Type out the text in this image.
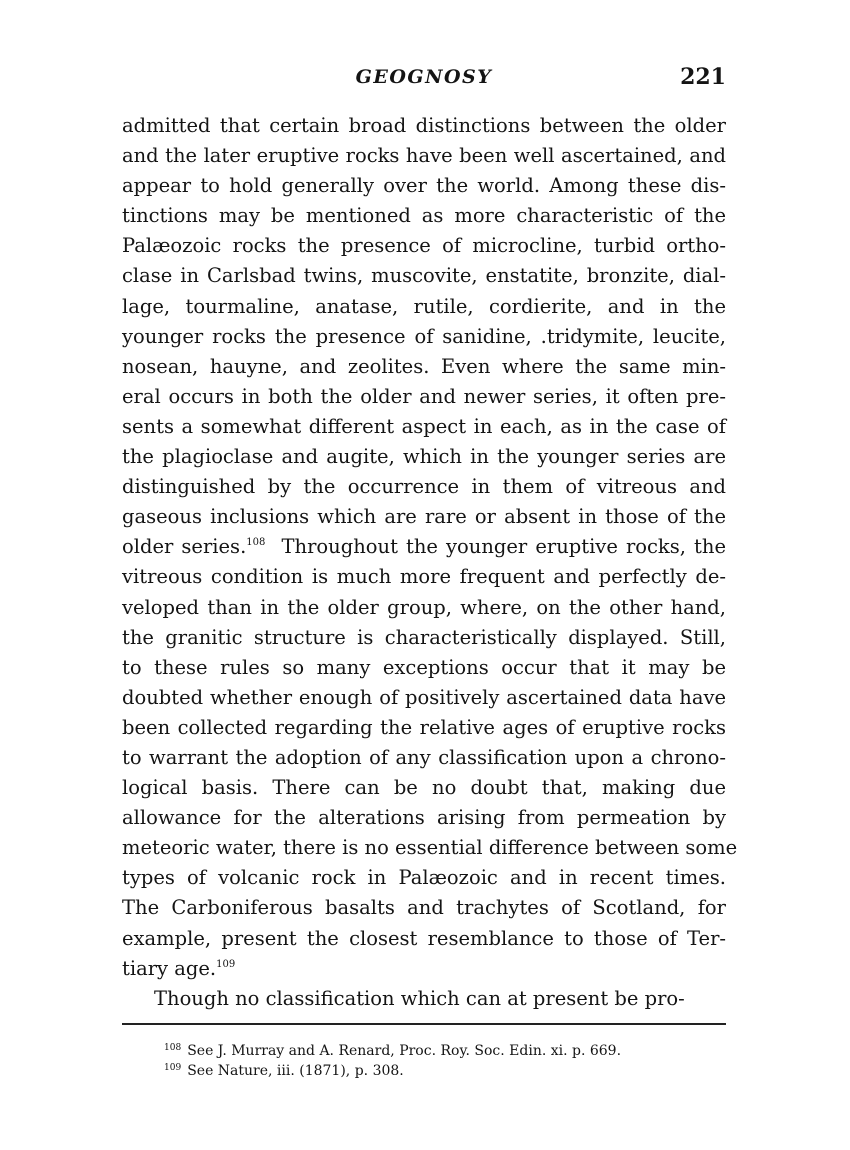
GEOGNOSY	221
admitted that certain broad distinctions between the older
and the later eruptive rocks have been well ascertained, and
appear to hold generally over the world. Among these dis-
tinctions may be mentioned as more characteristic of the
Palæozoic rocks the presence of microcline, turbid ortho-
clase in Carlsbad twins, muscovite, enstatite, bronzite, dial-
lage, tourmaline, anatase, rutile, cordierite, and in the
younger rocks the presence of sanidine, .tridymite, leucite,
nosean, hauyne, and zeolites. Even where the same min-
eral occurs in both the older and newer series, it often pre-
sents a somewhat different aspect in each, as in the case of
the plagioclase and augite, which in the younger series are
distinguished by the occurrence in them of vitreous and
gaseous inclusions which are rare or absent in those of the
older series.$^{108}$  Throughout the younger eruptive rocks, the
vitreous condition is much more frequent and perfectly de-
veloped than in the older group, where, on the other hand,
the granitic structure is characteristically displayed. Still,
to these rules so many exceptions occur that it may be
doubted whether enough of positively ascertained data have
been collected regarding the relative ages of eruptive rocks
to warrant the adoption of any classification upon a chrono-
logical basis. There can be no doubt that, making due
allowance for the alterations arising from permeation by
meteoric water, there is no essential difference between some
types of volcanic rock in Palæozoic and in recent times.
The Carboniferous basalts and trachytes of Scotland, for
example, present the closest resemblance to those of Ter-
tiary age.$^{109}$
Though no classification which can at present be pro-
$^{108}$ See J. Murray and A. Renard, Proc. Roy. Soc. Edin. xi. p. 669.
$^{109}$ See Nature, iii. (1871), p. 308.
